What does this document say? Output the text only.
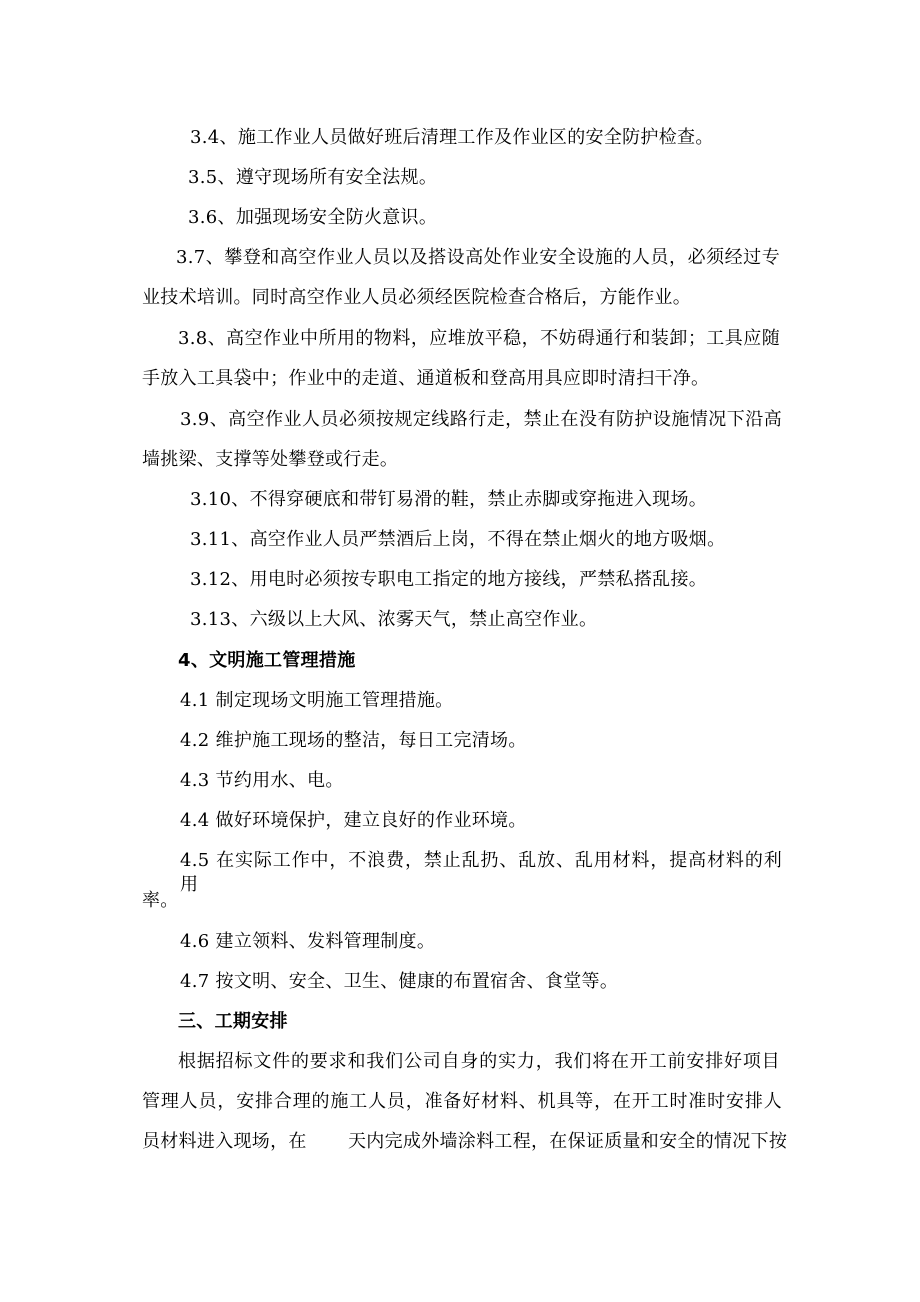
3.4、施工作业人员做好班后清理工作及作业区的安全防护检查。
3.5、遵守现场所有安全法规。
3.6、加强现场安全防火意识。
3.7、攀登和高空作业人员以及搭设高处作业安全设施的人员，必须经过专
业技术培训。同时高空作业人员必须经医院检查合格后，方能作业。
3.8、高空作业中所用的物料，应堆放平稳，不妨碍通行和装卸；工具应随
手放入工具袋中；作业中的走道、通道板和登高用具应即时清扫干净。
3.9、高空作业人员必须按规定线路行走，禁止在没有防护设施情况下沿高
墙挑梁、支撑等处攀登或行走。
3.10、不得穿硬底和带钉易滑的鞋，禁止赤脚或穿拖进入现场。
3.11、高空作业人员严禁酒后上岗，不得在禁止烟火的地方吸烟。
3.12、用电时必须按专职电工指定的地方接线，严禁私搭乱接。
3.13、六级以上大风、浓雾天气，禁止高空作业。
4、文明施工管理措施
4.1 制定现场文明施工管理措施。
4.2 维护施工现场的整洁，每日工完清场。
4.3 节约用水、电。
4.4 做好环境保护，建立良好的作业环境。
4.5 在实际工作中，不浪费，禁止乱扔、乱放、乱用材料，提高材料的利用
率。
4.6 建立领料、发料管理制度。
4.7 按文明、安全、卫生、健康的布置宿舍、食堂等。
三、工期安排
根据招标文件的要求和我们公司自身的实力，我们将在开工前安排好项目
管理人员，安排合理的施工人员，准备好材料、机具等，在开工时准时安排人
员材料进入现场，在 天内完成外墙涂料工程，在保证质量和安全的情况下按
